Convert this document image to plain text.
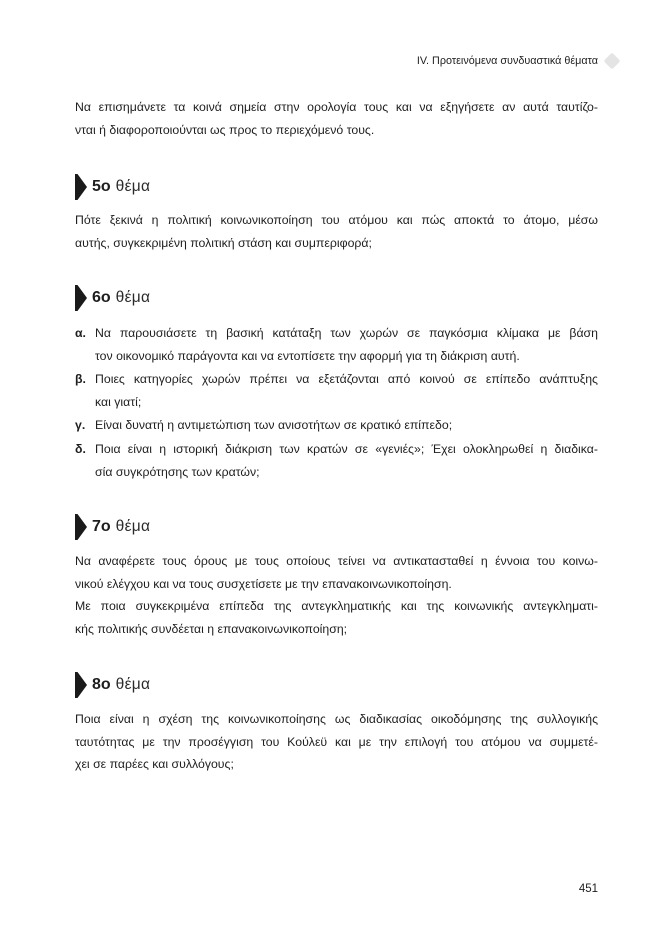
IV. Προτεινόμενα συνδυαστικά θέματα
Να επισημάνετε τα κοινά σημεία στην ορολογία τους και να εξηγήσετε αν αυτά ταυτίζο-
νται ή διαφοροποιούνται ως προς το περιεχόμενό τους.
5ο θέμα
Πότε ξεκινά η πολιτική κοινωνικοποίηση του ατόμου και πώς αποκτά το άτομο, μέσω
αυτής, συγκεκριμένη πολιτική στάση και συμπεριφορά;
6ο θέμα
α. Να παρουσιάσετε τη βασική κατάταξη των χωρών σε παγκόσμια κλίμακα με βάση
τον οικονομικό παράγοντα και να εντοπίσετε την αφορμή για τη διάκριση αυτή.
β. Ποιες κατηγορίες χωρών πρέπει να εξετάζονται από κοινού σε επίπεδο ανάπτυξης
και γιατί;
γ. Είναι δυνατή η αντιμετώπιση των ανισοτήτων σε κρατικό επίπεδο;
δ. Ποια είναι η ιστορική διάκριση των κρατών σε «γενιές»; Έχει ολοκληρωθεί η διαδικα-
σία συγκρότησης των κρατών;
7ο θέμα
Να αναφέρετε τους όρους με τους οποίους τείνει να αντικατασταθεί η έννοια του κοινω-
νικού ελέγχου και να τους συσχετίσετε με την επανακοινωνικοποίηση.
Με ποια συγκεκριμένα επίπεδα της αντεγκληματικής και της κοινωνικής αντεγκληματι-
κής πολιτικής συνδέεται η επανακοινωνικοποίηση;
8ο θέμα
Ποια είναι η σχέση της κοινωνικοποίησης ως διαδικασίας οικοδόμησης της συλλογικής
ταυτότητας με την προσέγγιση του Κούλεϋ και με την επιλογή του ατόμου να συμμετέ-
χει σε παρέες και συλλόγους;
451
